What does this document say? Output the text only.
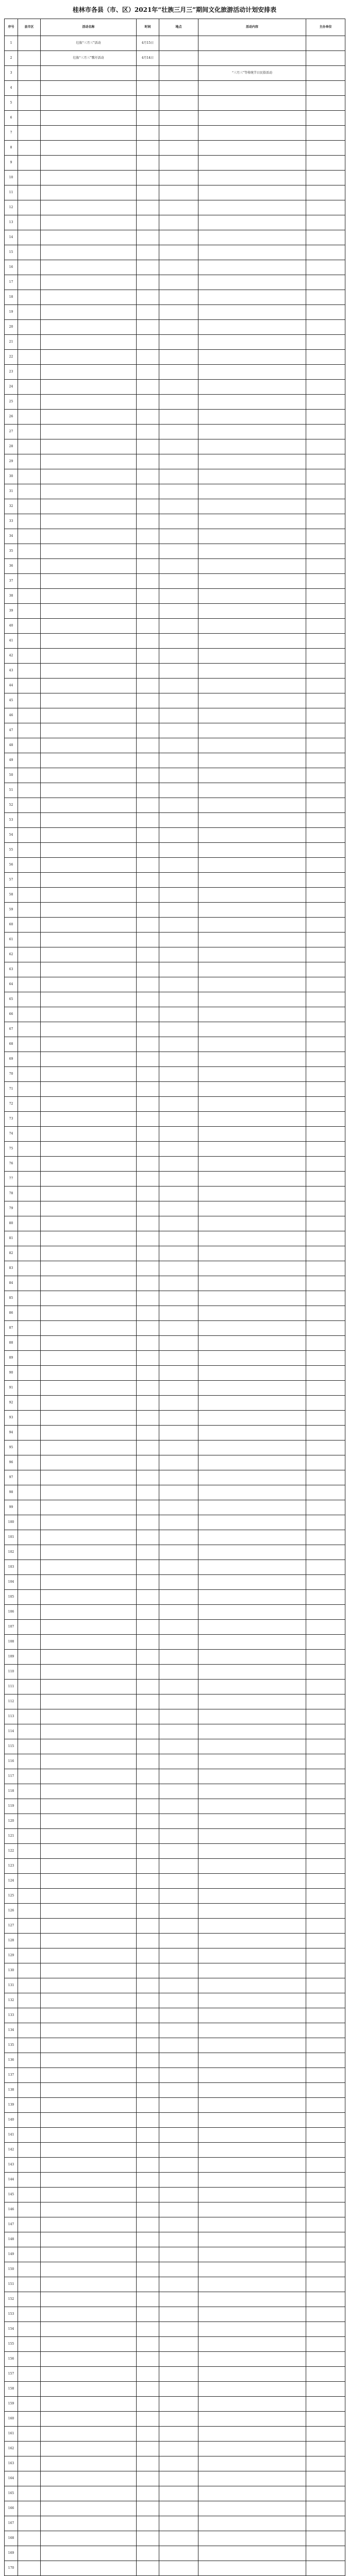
桂林市各县（市、区）2021年“壮族三月三”期间文化旅游活动计划安排表
序号	县市区	活动名称	时间	地点	活动内容	主办单位
1		壮族“三月三”活动	4月15日			
2		壮族“三月三”歌圩活动	4月14日			
3					“三月三”等传统节日民俗活动	
4						
5						
6						
7						
8						
9						
10						
11						
12						
13						
14						
15						
16						
17						
18						
19						
20						
21						
22						
23						
24						
25						
26						
27						
28						
29						
30						
31						
32						
33						
34						
35						
36						
37						
38						
39						
40						
41						
42						
43						
44						
45						
46						
47						
48						
49						
50						
51						
52						
53						
54						
55						
56						
57						
58						
59						
60						
61						
62						
63						
64						
65						
66						
67						
68						
69						
70						
71						
72						
73						
74						
75						
76						
77						
78						
79						
80						
81						
82						
83						
84						
85						
86						
87						
88						
89						
90						
91						
92						
93						
94						
95						
96						
97						
98						
99						
100						
101						
102						
103						
104						
105						
106						
107						
108						
109						
110						
111						
112						
113						
114						
115						
116						
117						
118						
119						
120						
121						
122						
123						
124						
125						
126						
127						
128						
129						
130						
131						
132						
133						
134						
135						
136						
137						
138						
139						
140						
141						
142						
143						
144						
145						
146						
147						
148						
149						
150						
151						
152						
153						
154						
155						
156						
157						
158						
159						
160						
161						
162						
163						
164						
165						
166						
167						
168						
169						
170						
